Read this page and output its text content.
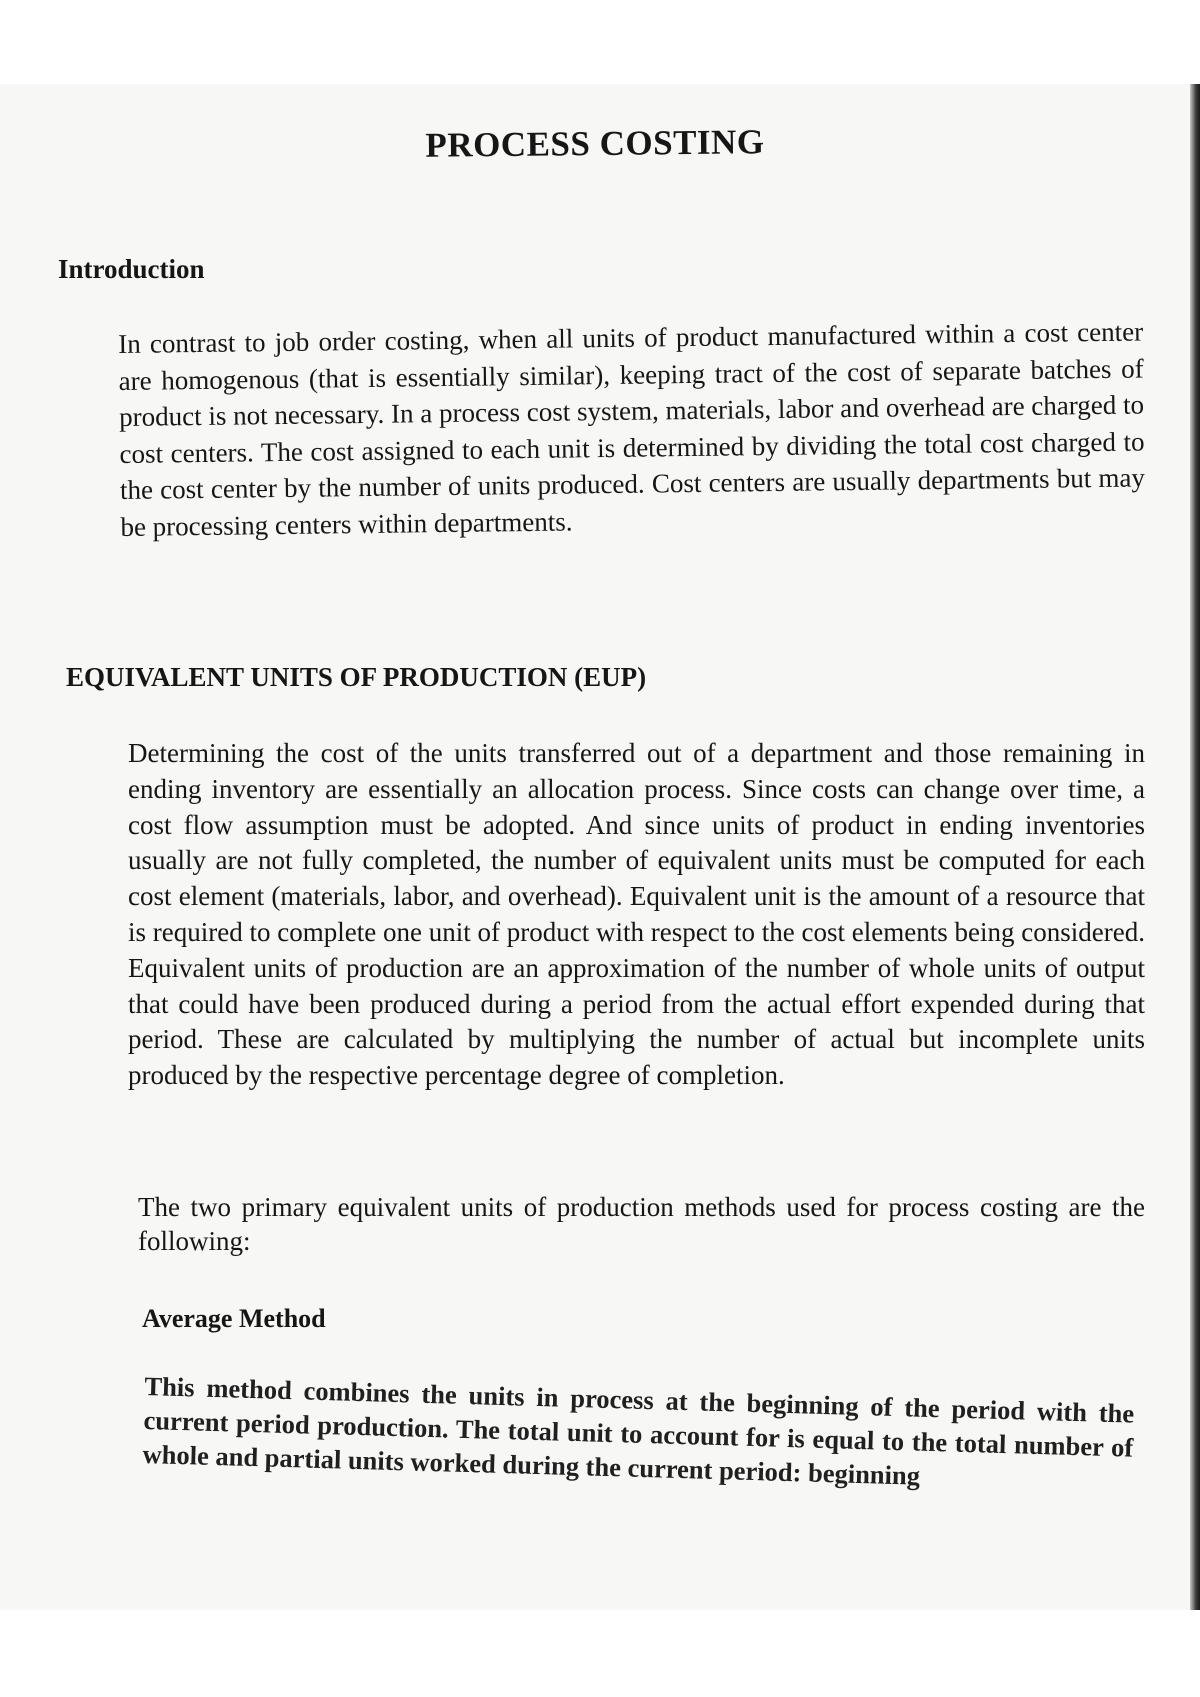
PROCESS COSTING
Introduction

In contrast to job order costing, when all units of product manufactured within a cost center are homogenous (that is essentially similar), keeping tract of the cost of separate batches of product is not necessary. In a process cost system, materials, labor and overhead are charged to cost centers. The cost assigned to each unit is determined by dividing the total cost charged to the cost center by the number of units produced. Cost centers are usually departments but may be processing centers within departments.

EQUIVALENT UNITS OF PRODUCTION (EUP)

Determining the cost of the units transferred out of a department and those remaining in ending inventory are essentially an allocation process. Since costs can change over time, a cost flow assumption must be adopted. And since units of product in ending inventories usually are not fully completed, the number of equivalent units must be computed for each cost element (materials, labor, and overhead). Equivalent unit is the amount of a resource that is required to complete one unit of product with respect to the cost elements being considered. Equivalent units of production are an approximation of the number of whole units of output that could have been produced during a period from the actual effort expended during that period. These are calculated by multiplying the number of actual but incomplete units produced by the respective percentage degree of completion.

The two primary equivalent units of production methods used for process costing are the following:

Average Method

This method combines the units in process at the beginning of the period with the current period production. The total unit to account for is equal to the total number of whole and partial units worked during the current period: beginning
